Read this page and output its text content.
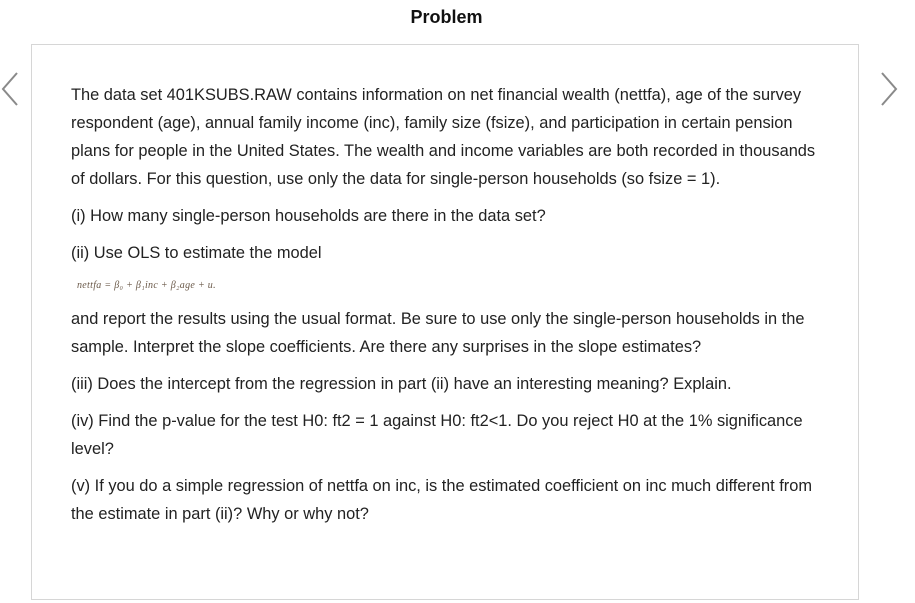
Problem

The data set 401KSUBS.RAW contains information on net financial wealth (nettfa), age of the survey respondent (age), annual family income (inc), family size (fsize), and participation in certain pension plans for people in the United States. The wealth and income variables are both recorded in thousands of dollars. For this question, use only the data for single-person households (so fsize = 1).

(i) How many single-person households are there in the data set?

(ii) Use OLS to estimate the model

nettfa = β₀ + β₁inc + β₂age + u.

and report the results using the usual format. Be sure to use only the single-person households in the sample. Interpret the slope coefficients. Are there any surprises in the slope estimates?

(iii) Does the intercept from the regression in part (ii) have an interesting meaning? Explain.

(iv) Find the p-value for the test H0: ft2 = 1 against H0: ft2<1. Do you reject H0 at the 1% significance level?

(v) If you do a simple regression of nettfa on inc, is the estimated coefficient on inc much different from the estimate in part (ii)? Why or why not?
